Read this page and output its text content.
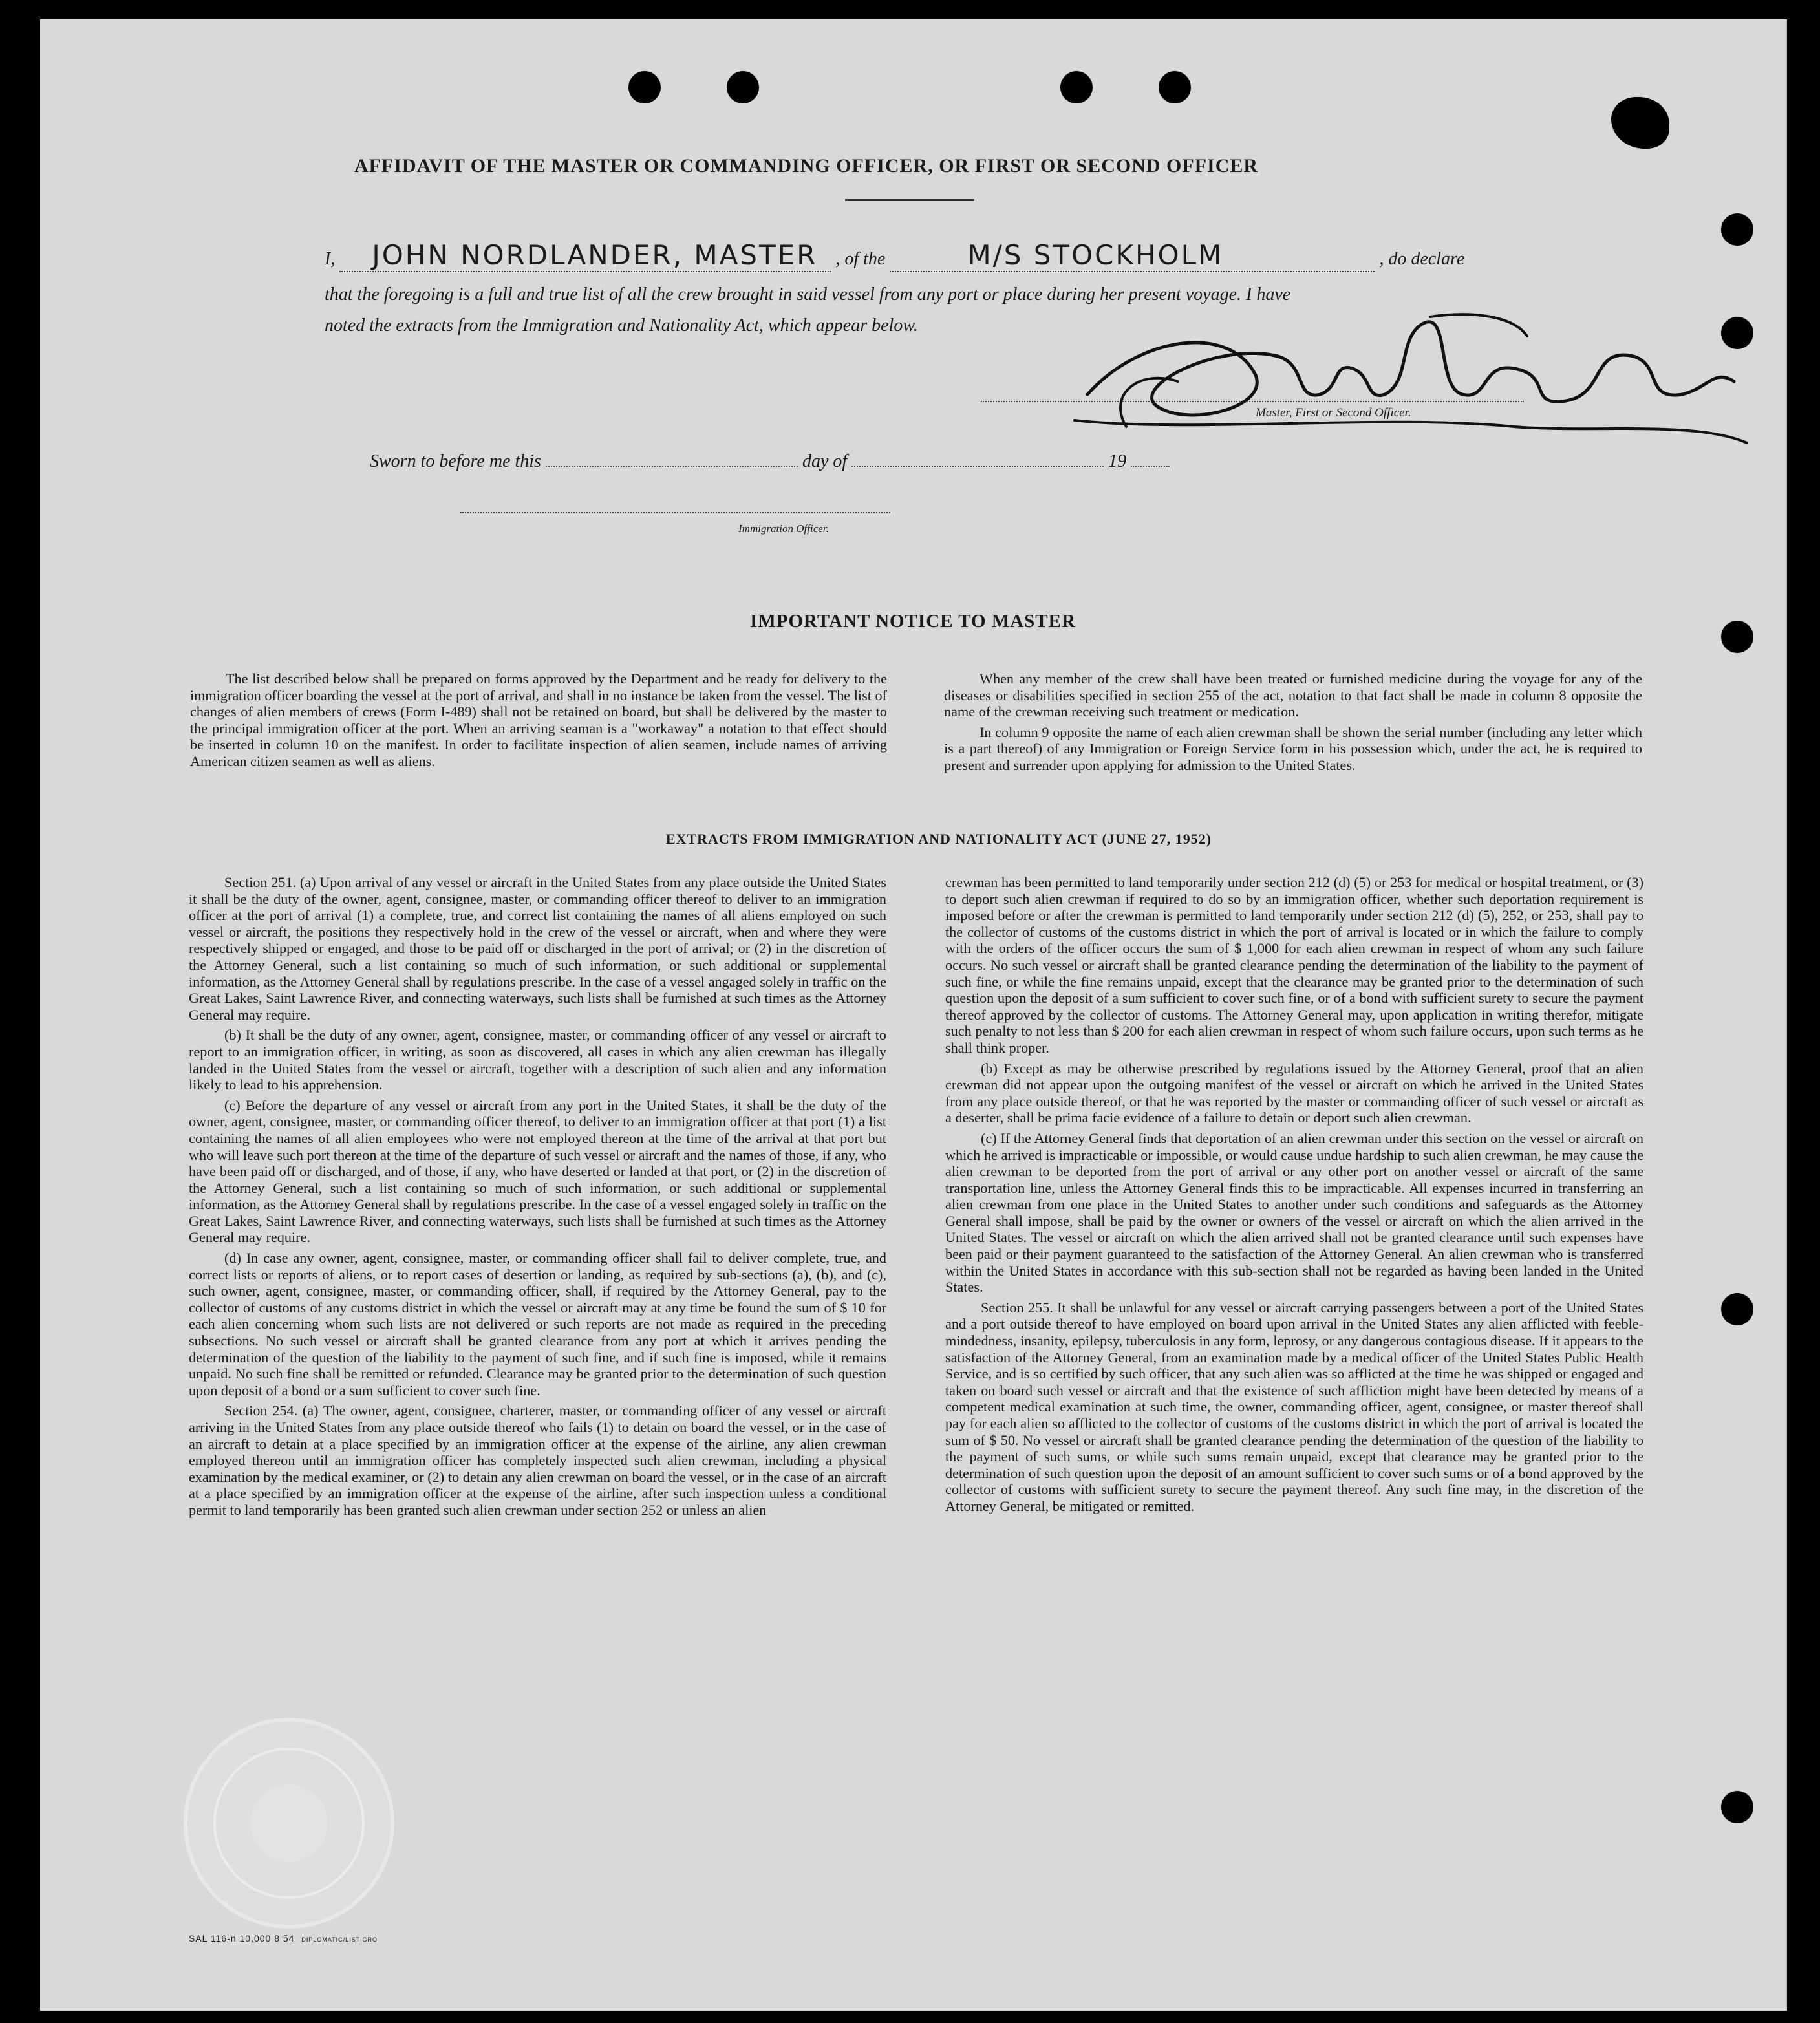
AFFIDAVIT OF THE MASTER OR COMMANDING OFFICER, OR FIRST OR SECOND OFFICER
I, JOHN NORDLANDER, MASTER , of the	M/S STOCKHOLM	, do declare
that the foregoing is a full and true list of all the crew brought in said vessel from any port or place during her present voyage. I have
noted the extracts from the Immigration and Nationality Act, which appear below.
Master, First or Second Officer.
Sworn to before me this	day of	19
Immigration Officer.
IMPORTANT NOTICE TO MASTER

The list described below shall be prepared on forms approved by the Department and be ready for delivery to the immigration officer boarding the vessel at the port of arrival, and shall in no instance be taken from the vessel. The list of changes of alien members of crews (Form I-489) shall not be retained on board, but shall be delivered by the master to the principal immigration officer at the port. When an arriving seaman is a "workaway" a notation to that effect should be inserted in column 10 on the manifest. In order to facilitate inspection of alien seamen, include names of arriving American citizen seamen as well as aliens.

When any member of the crew shall have been treated or furnished medicine during the voyage for any of the diseases or disabilities specified in section 255 of the act, notation to that fact shall be made in column 8 opposite the name of the crewman receiving such treatment or medication.

In column 9 opposite the name of each alien crewman shall be shown the serial number (including any letter which is a part thereof) of any Immigration or Foreign Service form in his possession which, under the act, he is required to present and surrender upon applying for admission to the United States.

EXTRACTS FROM IMMIGRATION AND NATIONALITY ACT (JUNE 27, 1952)

Section 251. (a) Upon arrival of any vessel or aircraft in the United States from any place outside the United States it shall be the duty of the owner, agent, consignee, master, or commanding officer thereof to deliver to an immigration officer at the port of arrival (1) a complete, true, and correct list containing the names of all aliens employed on such vessel or aircraft, the positions they respectively hold in the crew of the vessel or aircraft, when and where they were respectively shipped or engaged, and those to be paid off or discharged in the port of arrival; or (2) in the discretion of the Attorney General, such a list containing so much of such information, or such additional or supplemental information, as the Attorney General shall by regulations prescribe. In the case of a vessel angaged solely in traffic on the Great Lakes, Saint Lawrence River, and connecting waterways, such lists shall be furnished at such times as the Attorney General may require.

(b) It shall be the duty of any owner, agent, consignee, master, or commanding officer of any vessel or aircraft to report to an immigration officer, in writing, as soon as discovered, all cases in which any alien crewman has illegally landed in the United States from the vessel or aircraft, together with a description of such alien and any information likely to lead to his apprehension.

(c) Before the departure of any vessel or aircraft from any port in the United States, it shall be the duty of the owner, agent, consignee, master, or commanding officer thereof, to deliver to an immigration officer at that port (1) a list containing the names of all alien employees who were not employed thereon at the time of the arrival at that port but who will leave such port thereon at the time of the departure of such vessel or aircraft and the names of those, if any, who have been paid off or discharged, and of those, if any, who have deserted or landed at that port, or (2) in the discretion of the Attorney General, such a list containing so much of such information, or such additional or supplemental information, as the Attorney General shall by regulations prescribe. In the case of a vessel engaged solely in traffic on the Great Lakes, Saint Lawrence River, and connecting waterways, such lists shall be furnished at such times as the Attorney General may require.

(d) In case any owner, agent, consignee, master, or commanding officer shall fail to deliver complete, true, and correct lists or reports of aliens, or to report cases of desertion or landing, as required by sub-sections (a), (b), and (c), such owner, agent, consignee, master, or commanding officer, shall, if required by the Attorney General, pay to the collector of customs of any customs district in which the vessel or aircraft may at any time be found the sum of $ 10 for each alien concerning whom such lists are not delivered or such reports are not made as required in the preceding subsections. No such vessel or aircraft shall be granted clearance from any port at which it arrives pending the determination of the question of the liability to the payment of such fine, and if such fine is imposed, while it remains unpaid. No such fine shall be remitted or refunded. Clearance may be granted prior to the determination of such question upon deposit of a bond or a sum sufficient to cover such fine.

Section 254. (a) The owner, agent, consignee, charterer, master, or commanding officer of any vessel or aircraft arriving in the United States from any place outside thereof who fails (1) to detain on board the vessel, or in the case of an aircraft to detain at a place specified by an immigration officer at the expense of the airline, any alien crewman employed thereon until an immigration officer has completely inspected such alien crewman, including a physical examination by the medical examiner, or (2) to detain any alien crewman on board the vessel, or in the case of an aircraft at a place specified by an immigration officer at the expense of the airline, after such inspection unless a conditional permit to land temporarily has been granted such alien crewman under section 252 or unless an alien

crewman has been permitted to land temporarily under section 212 (d) (5) or 253 for medical or hospital treatment, or (3) to deport such alien crewman if required to do so by an immigration officer, whether such deportation requirement is imposed before or after the crewman is permitted to land temporarily under section 212 (d) (5), 252, or 253, shall pay to the collector of customs of the customs district in which the port of arrival is located or in which the failure to comply with the orders of the officer occurs the sum of $ 1,000 for each alien crewman in respect of whom any such failure occurs. No such vessel or aircraft shall be granted clearance pending the determination of the liability to the payment of such fine, or while the fine remains unpaid, except that the clearance may be granted prior to the determination of such question upon the deposit of a sum sufficient to cover such fine, or of a bond with sufficient surety to secure the payment thereof approved by the collector of customs. The Attorney General may, upon application in writing therefor, mitigate such penalty to not less than $ 200 for each alien crewman in respect of whom such failure occurs, upon such terms as he shall think proper.

(b) Except as may be otherwise prescribed by regulations issued by the Attorney General, proof that an alien crewman did not appear upon the outgoing manifest of the vessel or aircraft on which he arrived in the United States from any place outside thereof, or that he was reported by the master or commanding officer of such vessel or aircraft as a deserter, shall be prima facie evidence of a failure to detain or deport such alien crewman.

(c) If the Attorney General finds that deportation of an alien crewman under this section on the vessel or aircraft on which he arrived is impracticable or impossible, or would cause undue hardship to such alien crewman, he may cause the alien crewman to be deported from the port of arrival or any other port on another vessel or aircraft of the same transportation line, unless the Attorney General finds this to be impracticable. All expenses incurred in transferring an alien crewman from one place in the United States to another under such conditions and safeguards as the Attorney General shall impose, shall be paid by the owner or owners of the vessel or aircraft on which the alien arrived in the United States. The vessel or aircraft on which the alien arrived shall not be granted clearance until such expenses have been paid or their payment guaranteed to the satisfaction of the Attorney General. An alien crewman who is transferred within the United States in accordance with this sub-section shall not be regarded as having been landed in the United States.

Section 255. It shall be unlawful for any vessel or aircraft carrying passengers between a port of the United States and a port outside thereof to have employed on board upon arrival in the United States any alien afflicted with feeble-mindedness, insanity, epilepsy, tuberculosis in any form, leprosy, or any dangerous contagious disease. If it appears to the satisfaction of the Attorney General, from an examination made by a medical officer of the United States Public Health Service, and is so certified by such officer, that any such alien was so afflicted at the time he was shipped or engaged and taken on board such vessel or aircraft and that the existence of such affliction might have been detected by means of a competent medical examination at such time, the owner, commanding officer, agent, consignee, or master thereof shall pay for each alien so afflicted to the collector of customs of the customs district in which the port of arrival is located the sum of $ 50. No vessel or aircraft shall be granted clearance pending the determination of the question of the liability to the payment of such sums, or while such sums remain unpaid, except that clearance may be granted prior to the determination of such question upon the deposit of an amount sufficient to cover such sums or of a bond approved by the collector of customs with sufficient surety to secure the payment thereof. Any such fine may, in the discretion of the Attorney General, be mitigated or remitted.

SAL 116-n 10,000 8 54 DIPLOMATIC/LIST GRO
